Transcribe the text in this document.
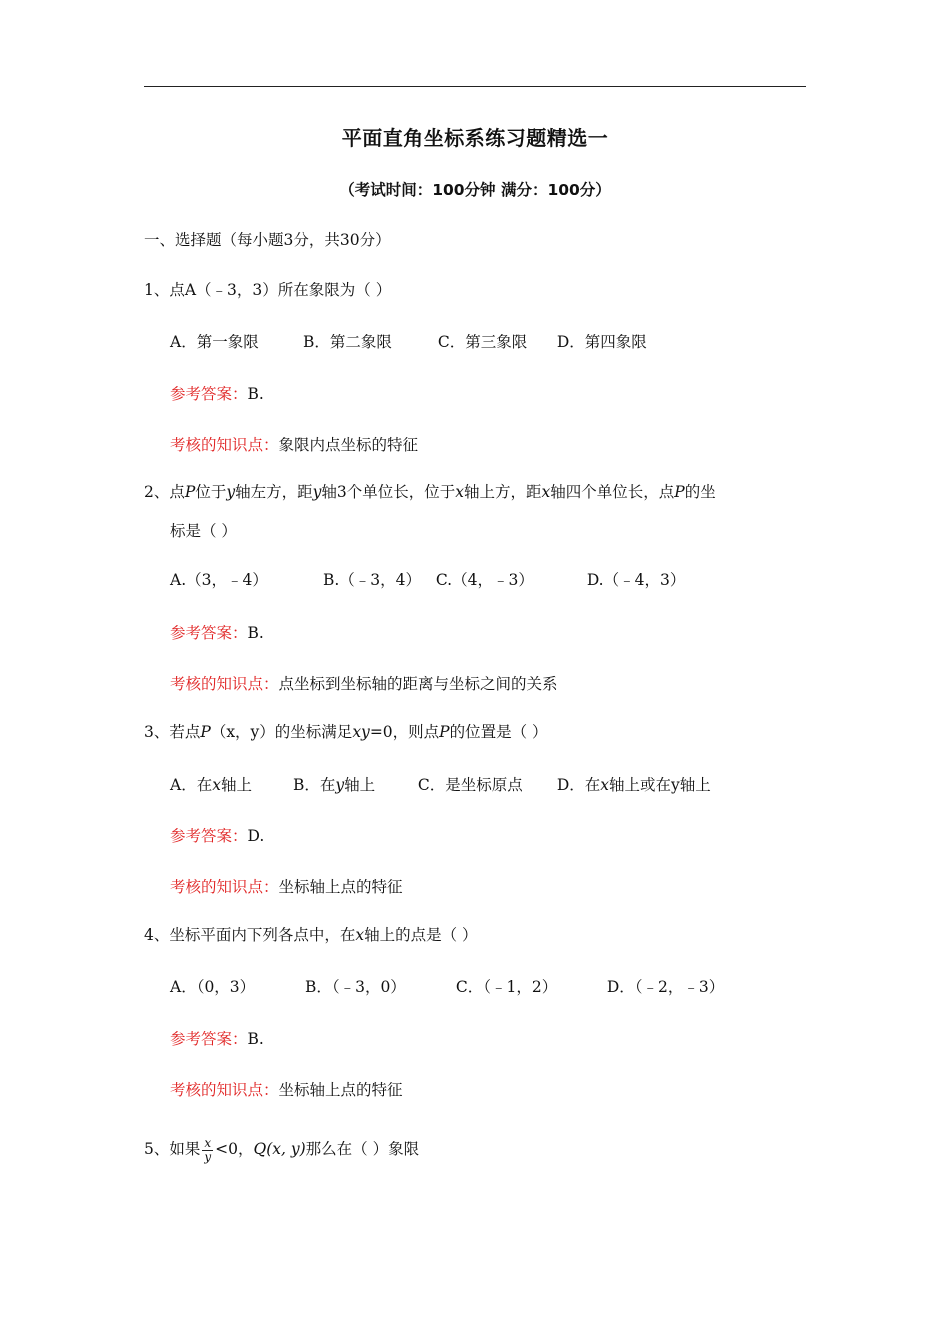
平面直角坐标系练习题精选一
（考试时间：100分钟 满分：100分）
一、选择题（每小题3分，共30分）
1、点A（﹣3，3）所在象限为（ ）
A．第一象限	B．第二象限	C．第三象限 D．第四象限
参考答案：B.
考核的知识点：象限内点坐标的特征
2、点P位于y轴左方，距y轴3个单位长，位于x轴上方，距x轴四个单位长，点P的坐
标是（ ）
A.（3，﹣4）	B.（﹣3，4） C.（4，﹣3）	D.（﹣4，3）
参考答案：B.
考核的知识点：点坐标到坐标轴的距离与坐标之间的关系
3、若点P（x，y）的坐标满足xy=0，则点P的位置是（ ）
A．在x轴上	B．在y轴上	C．是坐标原点 D．在x轴上或在y轴上
参考答案：D.
考核的知识点：坐标轴上点的特征
4、坐标平面内下列各点中，在x轴上的点是（ ）
A．（0，3）	B．（﹣3，0）	C．（﹣1，2）	D．（﹣2，﹣3）
参考答案：B.
考核的知识点：坐标轴上点的特征
5、如果 $\frac{x}{y} <0$，Q(x, y)那么在（ ）象限
